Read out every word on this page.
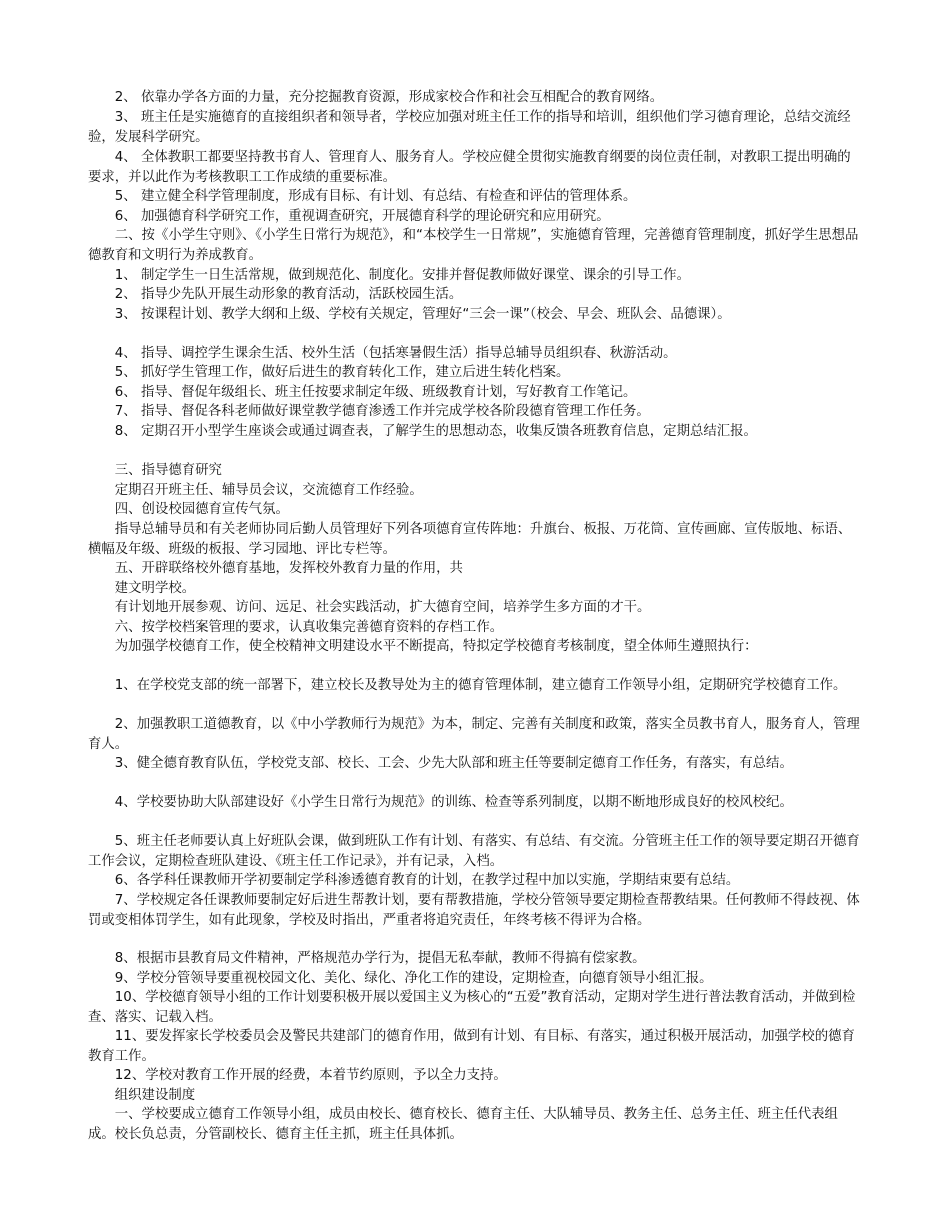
　　2、 依靠办学各方面的力量，充分挖掘教育资源，形成家校合作和社会互相配合的教育网络。

　　3、 班主任是实施德育的直接组织者和领导者，学校应加强对班主任工作的指导和培训，组织他们学习德育理论，总结交流经验，发展科学研究。

　　4、 全体教职工都要坚持教书育人、管理育人、服务育人。学校应健全贯彻实施教育纲要的岗位责任制，对教职工提出明确的要求，并以此作为考核教职工工作成绩的重要标准。

　　5、 建立健全科学管理制度，形成有目标、有计划、有总结、有检查和评估的管理体系。

　　6、 加强德育科学研究工作，重视调查研究，开展德育科学的理论研究和应用研究。

　　二、按《小学生守则》、《小学生日常行为规范》，和“本校学生一日常规”，实施德育管理，完善德育管理制度，抓好学生思想品德教育和文明行为养成教育。

　　1、 制定学生一日生活常规，做到规范化、制度化。安排并督促教师做好课堂、课余的引导工作。

　　2、 指导少先队开展生动形象的教育活动，活跃校园生活。

　　3、 按课程计划、教学大纲和上级、学校有关规定，管理好“三会一课”（校会、早会、班队会、品德课）。

　　4、 指导、调控学生课余生活、校外生活（包括寒暑假生活）指导总辅导员组织春、秋游活动。

　　5、 抓好学生管理工作，做好后进生的教育转化工作，建立后进生转化档案。

　　6、 指导、督促年级组长、班主任按要求制定年级、班级教育计划，写好教育工作笔记。

　　7、 指导、督促各科老师做好课堂教学德育渗透工作并完成学校各阶段德育管理工作任务。

　　8、 定期召开小型学生座谈会或通过调查表，了解学生的思想动态，收集反馈各班教育信息，定期总结汇报。

　　三、指导德育研究

　　定期召开班主任、辅导员会议，交流德育工作经验。

　　四、创设校园德育宣传气氛。

　　指导总辅导员和有关老师协同后勤人员管理好下列各项德育宣传阵地：升旗台、板报、万花筒、宣传画廊、宣传版地、标语、横幅及年级、班级的板报、学习园地、评比专栏等。

　　五、开辟联络校外德育基地，发挥校外教育力量的作用，共

　　建文明学校。

　　有计划地开展参观、访问、远足、社会实践活动，扩大德育空间，培养学生多方面的才干。

　　六、按学校档案管理的要求，认真收集完善德育资料的存档工作。

　　为加强学校德育工作，使全校精神文明建设水平不断提高，特拟定学校德育考核制度，望全体师生遵照执行：

　　1、在学校党支部的统一部署下，建立校长及教导处为主的德育管理体制，建立德育工作领导小组，定期研究学校德育工作。

　　2、加强教职工道德教育，以《中小学教师行为规范》为本，制定、完善有关制度和政策，落实全员教书育人，服务育人，管理育人。

　　3、健全德育教育队伍，学校党支部、校长、工会、少先大队部和班主任等要制定德育工作任务，有落实，有总结。

　　4、学校要协助大队部建设好《小学生日常行为规范》的训练、检查等系列制度，以期不断地形成良好的校风校纪。

　　5、班主任老师要认真上好班队会课，做到班队工作有计划、有落实、有总结、有交流。分管班主任工作的领导要定期召开德育工作会议，定期检查班队建设、《班主任工作记录》，并有记录，入档。

　　6、各学科任课教师开学初要制定学科渗透德育教育的计划，在教学过程中加以实施，学期结束要有总结。

　　7、学校规定各任课教师要制定好后进生帮教计划，要有帮教措施，学校分管领导要定期检查帮教结果。任何教师不得歧视、体罚或变相体罚学生，如有此现象，学校及时指出，严重者将追究责任，年终考核不得评为合格。

　　8、根据市县教育局文件精神，严格规范办学行为，提倡无私奉献，教师不得搞有偿家教。

　　9、学校分管领导要重视校园文化、美化、绿化、净化工作的建设，定期检查，向德育领导小组汇报。

　　10、学校德育领导小组的工作计划要积极开展以爱国主义为核心的“五爱”教育活动，定期对学生进行普法教育活动，并做到检查、落实、记载入档。

　　11、要发挥家长学校委员会及警民共建部门的德育作用，做到有计划、有目标、有落实，通过积极开展活动，加强学校的德育教育工作。

　　12、学校对教育工作开展的经费，本着节约原则，予以全力支持。

　　组织建设制度

　　一、学校要成立德育工作领导小组，成员由校长、德育校长、德育主任、大队辅导员、教务主任、总务主任、班主任代表组成。校长负总责，分管副校长、德育主任主抓，班主任具体抓。
